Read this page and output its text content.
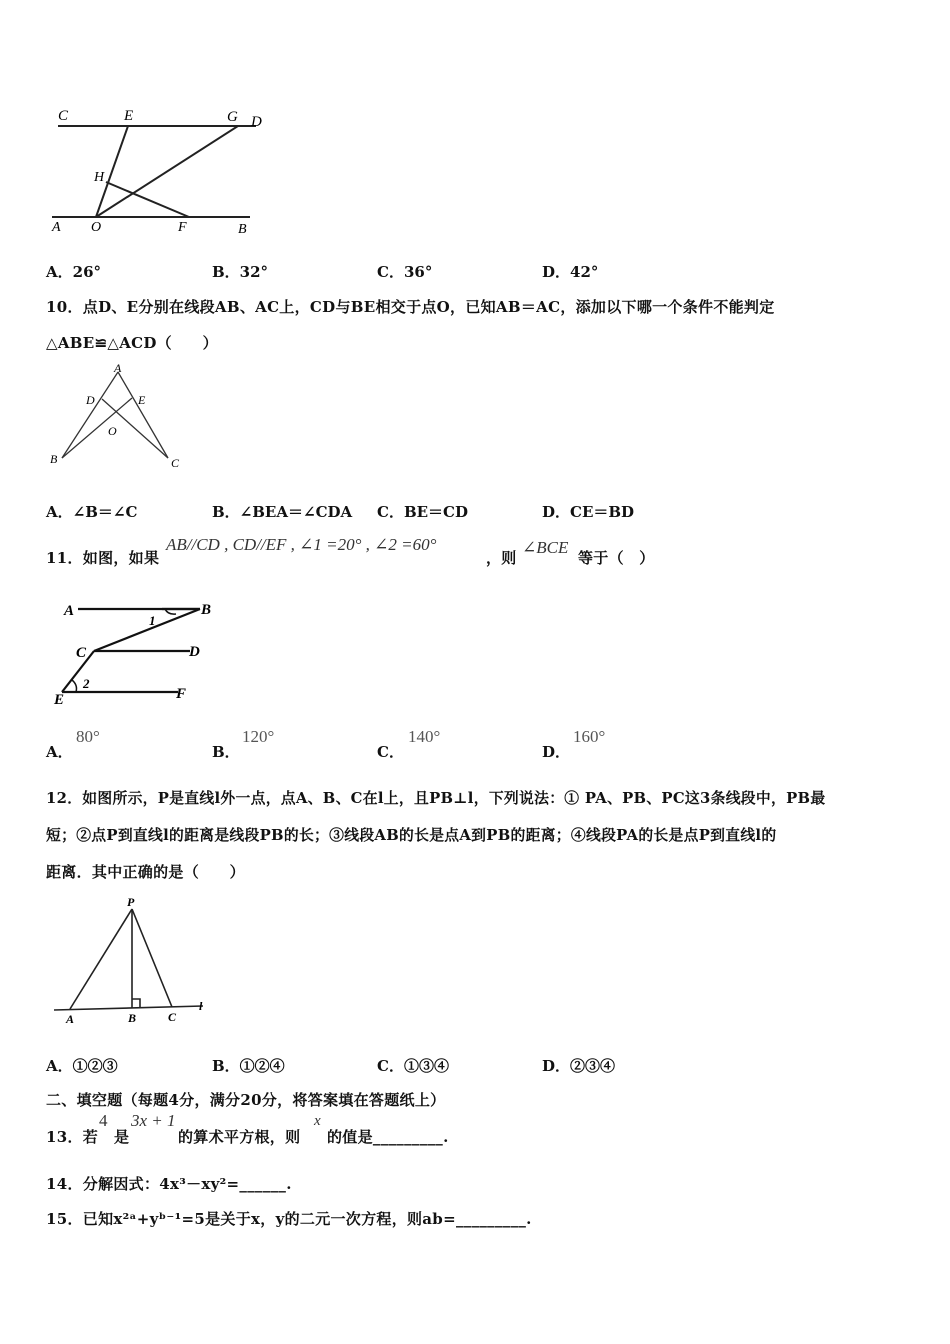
C	E	G D
H
A O	F	B
A．26°	B．32°	C．36°	D．42°
10．点D、E分别在线段AB、AC上，CD与BE相交于点O，已知AB＝AC，添加以下哪一个条件不能判定
△ABE≌△ACD（　　）
A
D	E
O
B	C
A．∠B＝∠C	B．∠BEA＝∠CDA C．BE＝CD	D．CE＝BD
11．如图，如果
AB//CD , CD//EF , ∠1 =20° , ∠2 =60°
，则
∠BCE
等于（　）
A	B
1
C	D
2
E	F
A．
80°
B．
120°
C．
140°
D．
160°
12．如图所示，P是直线l外一点，点A、B、C在l上，且PB⊥l，下列说法：① PA、PB、PC这3条线段中，PB最
短；②点P到直线l的距离是线段PB的长；③线段AB的长是点A到PB的距离；④线段PA的长是点P到直线l的
距离．其中正确的是（　　）
P
A	B	C
l
A．①②③	B．①②④	C．①③④	D．②③④
二、填空题（每题4分，满分20分，将答案填在答题纸上）
13．若
4
是
3x + 1
的算术平方根，则
x
的值是_________.
14．分解因式：4x³－xy²=______.
15．已知x²ᵃ+yᵇ⁻¹=5是关于x，y的二元一次方程，则ab=_________.
